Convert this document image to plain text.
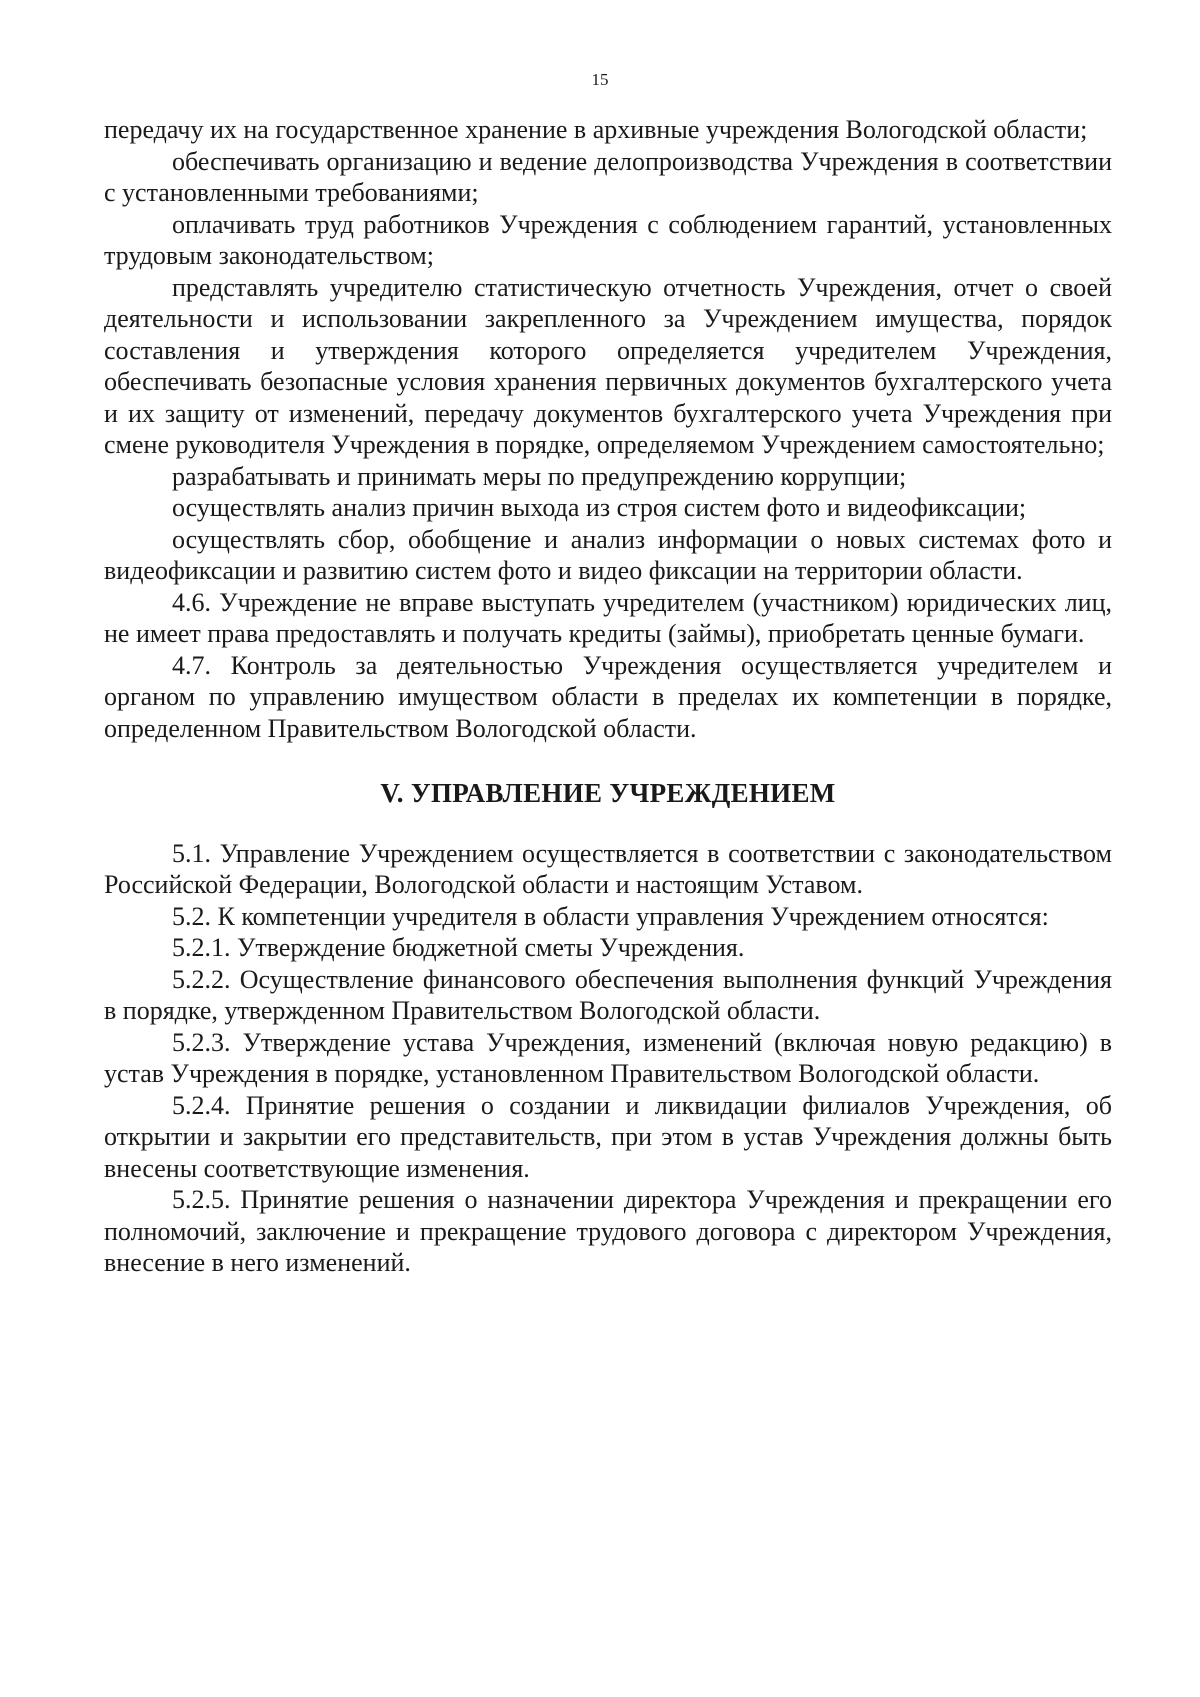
15

передачу их на государственное хранение в архивные учреждения Вологодской области;

обеспечивать организацию и ведение делопроизводства Учреждения в соответствии с установленными требованиями;

оплачивать труд работников Учреждения с соблюдением гарантий, установленных трудовым законодательством;

представлять учредителю статистическую отчетность Учреждения, отчет о своей деятельности и использовании закрепленного за Учреждением имущества, порядок составления и утверждения которого определяется учредителем Учреждения, обеспечивать безопасные условия хранения первичных документов бухгалтерского учета и их защиту от изменений, передачу документов бухгалтерского учета Учреждения при смене руководителя Учреждения в порядке, определяемом Учреждением самостоятельно;

разрабатывать и принимать меры по предупреждению коррупции;

осуществлять анализ причин выхода из строя систем фото и видеофиксации;

осуществлять сбор, обобщение и анализ информации о новых системах фото и видеофиксации и развитию систем фото и видео фиксации на территории области.

4.6. Учреждение не вправе выступать учредителем (участником) юридических лиц, не имеет права предоставлять и получать кредиты (займы), приобретать ценные бумаги.

4.7. Контроль за деятельностью Учреждения осуществляется учредителем и органом по управлению имуществом области в пределах их компетенции в порядке, определенном Правительством Вологодской области.

V. УПРАВЛЕНИЕ УЧРЕЖДЕНИЕМ

5.1. Управление Учреждением осуществляется в соответствии с законодательством Российской Федерации, Вологодской области и настоящим Уставом.

5.2. К компетенции учредителя в области управления Учреждением относятся:

5.2.1. Утверждение бюджетной сметы Учреждения.

5.2.2. Осуществление финансового обеспечения выполнения функций Учреждения в порядке, утвержденном Правительством Вологодской области.

5.2.3. Утверждение устава Учреждения, изменений (включая новую редакцию) в устав Учреждения в порядке, установленном Правительством Вологодской области.

5.2.4. Принятие решения о создании и ликвидации филиалов Учреждения, об открытии и закрытии его представительств, при этом в устав Учреждения должны быть внесены соответствующие изменения.

5.2.5. Принятие решения о назначении директора Учреждения и прекращении его полномочий, заключение и прекращение трудового договора с директором Учреждения, внесение в него изменений.
